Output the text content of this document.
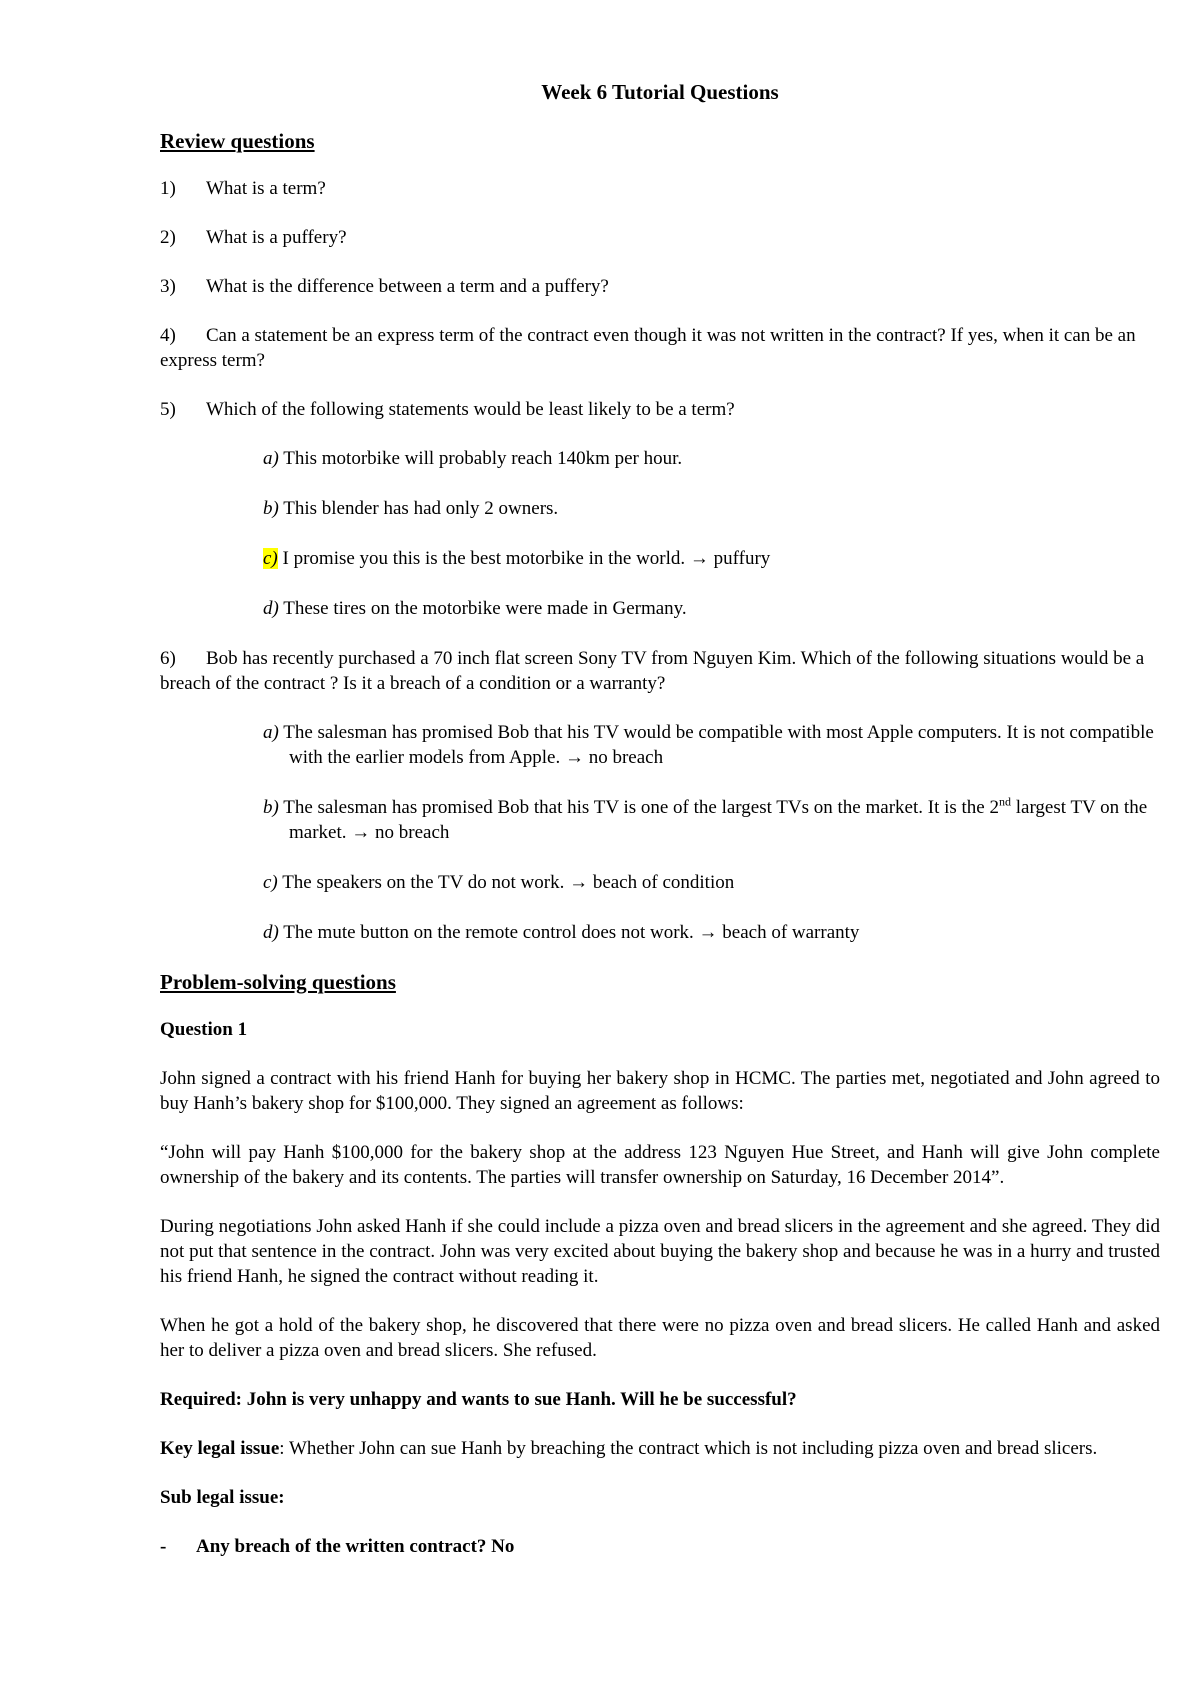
Week 6 Tutorial Questions
Review questions
1) What is a term?
2) What is a puffery?
3) What is the difference between a term and a puffery?
4) Can a statement be an express term of the contract even though it was not written in the contract? If yes, when it can be an express term?
5) Which of the following statements would be least likely to be a term?
a) This motorbike will probably reach 140km per hour.
b) This blender has had only 2 owners.
c) I promise you this is the best motorbike in the world. → puffury
d) These tires on the motorbike were made in Germany.
6) Bob has recently purchased a 70 inch flat screen Sony TV from Nguyen Kim. Which of the following situations would be a breach of the contract ? Is it a breach of a condition or a warranty?
a) The salesman has promised Bob that his TV would be compatible with most Apple computers. It is not compatible with the earlier models from Apple. → no breach
b) The salesman has promised Bob that his TV is one of the largest TVs on the market. It is the 2nd largest TV on the market. → no breach
c) The speakers on the TV do not work. → beach of condition
d) The mute button on the remote control does not work. → beach of warranty
Problem-solving questions
Question 1
John signed a contract with his friend Hanh for buying her bakery shop in HCMC. The parties met, negotiated and John agreed to buy Hanh’s bakery shop for $100,000. They signed an agreement as follows:
“John will pay Hanh $100,000 for the bakery shop at the address 123 Nguyen Hue Street, and Hanh will give John complete ownership of the bakery and its contents. The parties will transfer ownership on Saturday, 16 December 2014”.
During negotiations John asked Hanh if she could include a pizza oven and bread slicers in the agreement and she agreed. They did not put that sentence in the contract. John was very excited about buying the bakery shop and because he was in a hurry and trusted his friend Hanh, he signed the contract without reading it.
When he got a hold of the bakery shop, he discovered that there were no pizza oven and bread slicers. He called Hanh and asked her to deliver a pizza oven and bread slicers. She refused.
Required: John is very unhappy and wants to sue Hanh. Will he be successful?
Key legal issue: Whether John can sue Hanh by breaching the contract which is not including pizza oven and bread slicers.
Sub legal issue:
-	Any breach of the written contract? No
